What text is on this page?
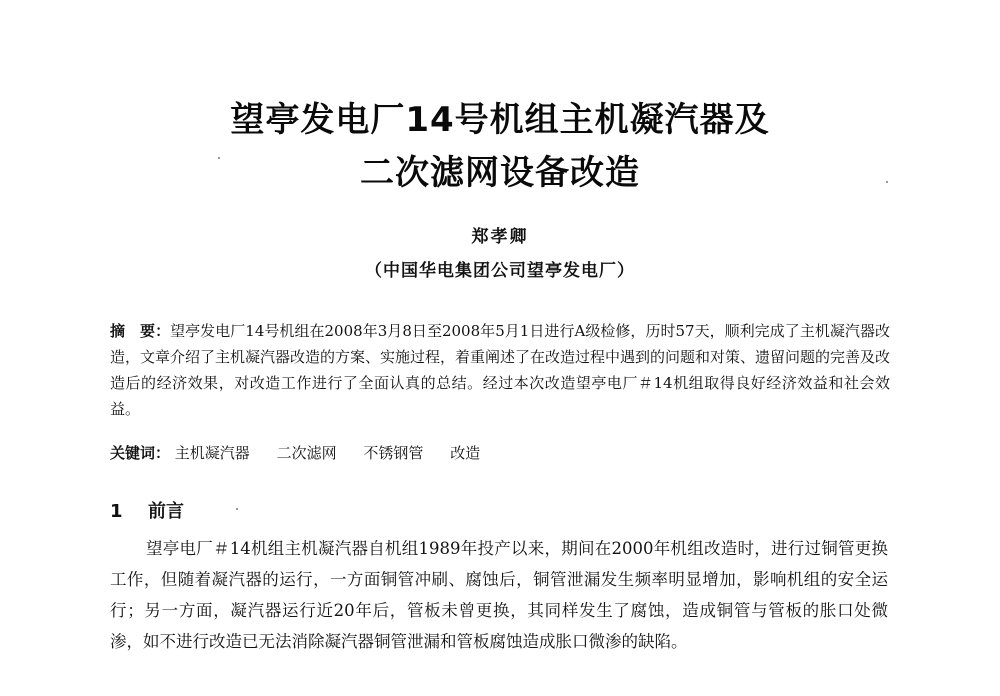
望亭发电厂14号机组主机凝汽器及
二次滤网设备改造
郑孝卿
（中国华电集团公司望亭发电厂）
摘　要：望亭发电厂14号机组在2008年3月8日至2008年5月1日进行A级检修，历时57天，顺利完成了主机凝汽器改造，文章介绍了主机凝汽器改造的方案、实施过程，着重阐述了在改造过程中遇到的问题和对策、遗留问题的完善及改造后的经济效果，对改造工作进行了全面认真的总结。经过本次改造望亭电厂＃14机组取得良好经济效益和社会效益。
关键词： 主机凝汽器 二次滤网 不锈钢管 改造
1 前言
望亭电厂＃14机组主机凝汽器自机组1989年投产以来，期间在2000年机组改造时，进行过铜管更换工作，但随着凝汽器的运行，一方面铜管冲刷、腐蚀后，铜管泄漏发生频率明显增加，影响机组的安全运行；另一方面，凝汽器运行近20年后，管板未曾更换，其同样发生了腐蚀，造成铜管与管板的胀口处微渗，如不进行改造已无法消除凝汽器铜管泄漏和管板腐蚀造成胀口微渗的缺陷。
